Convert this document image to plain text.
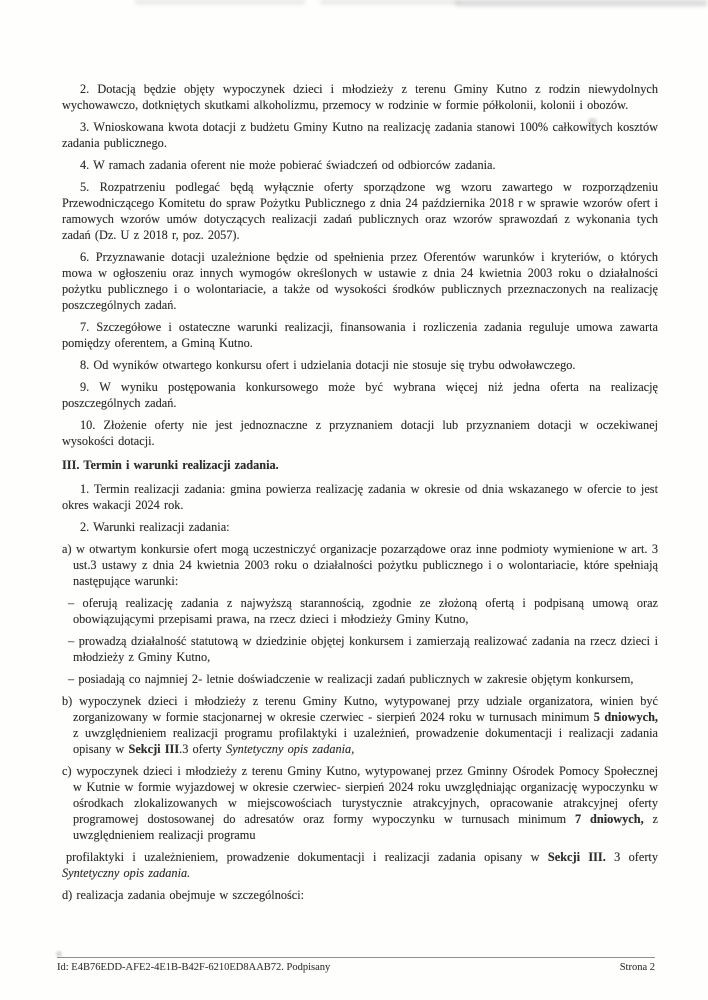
2. Dotacją będzie objęty wypoczynek dzieci i młodzieży z terenu Gminy Kutno z rodzin niewydolnych wychowawczo, dotkniętych skutkami alkoholizmu, przemocy w rodzinie w formie półkolonii, kolonii i obozów.

3. Wnioskowana kwota dotacji z budżetu Gminy Kutno na realizację zadania stanowi 100% całkowitych kosztów zadania publicznego.

4. W ramach zadania oferent nie może pobierać świadczeń od odbiorców zadania.

5. Rozpatrzeniu podlegać będą wyłącznie oferty sporządzone wg wzoru zawartego w rozporządzeniu Przewodniczącego Komitetu do spraw Pożytku Publicznego z dnia 24 października 2018 r w sprawie wzorów ofert i ramowych wzorów umów dotyczących realizacji zadań publicznych oraz wzorów sprawozdań z wykonania tych zadań (Dz. U z 2018 r, poz. 2057).

6. Przyznawanie dotacji uzależnione będzie od spełnienia przez Oferentów warunków i kryteriów, o których mowa w ogłoszeniu oraz innych wymogów określonych w ustawie z dnia 24 kwietnia 2003 roku o działalności pożytku publicznego i o wolontariacie, a także od wysokości środków publicznych przeznaczonych na realizację poszczególnych zadań.

7. Szczegółowe i ostateczne warunki realizacji, finansowania i rozliczenia zadania reguluje umowa zawarta pomiędzy oferentem, a Gminą Kutno.

8. Od wyników otwartego konkursu ofert i udzielania dotacji nie stosuje się trybu odwoławczego.

9. W wyniku postępowania konkursowego może być wybrana więcej niż jedna oferta na realizację poszczególnych zadań.

10. Złożenie oferty nie jest jednoznaczne z przyznaniem dotacji lub przyznaniem dotacji w oczekiwanej wysokości dotacji.

III. Termin i warunki realizacji zadania.

1. Termin realizacji zadania: gmina powierza realizację zadania w okresie od dnia wskazanego w ofercie to jest okres wakacji 2024 rok.

2. Warunki realizacji zadania:

a) w otwartym konkursie ofert mogą uczestniczyć organizacje pozarządowe oraz inne podmioty wymienione w art. 3 ust.3 ustawy z dnia 24 kwietnia 2003 roku o działalności pożytku publicznego i o wolontariacie, które spełniają następujące warunki:

– oferują realizację zadania z najwyższą starannością, zgodnie ze złożoną ofertą i podpisaną umową oraz obowiązującymi przepisami prawa, na rzecz dzieci i młodzieży Gminy Kutno,

– prowadzą działalność statutową w dziedzinie objętej konkursem i zamierzają realizować zadania na rzecz dzieci i młodzieży z Gminy Kutno,

– posiadają co najmniej 2- letnie doświadczenie w realizacji zadań publicznych w zakresie objętym konkursem,

b) wypoczynek dzieci i młodzieży z terenu Gminy Kutno, wytypowanej przy udziale organizatora, winien być zorganizowany w formie stacjonarnej w okresie czerwiec - sierpień 2024 roku w turnusach minimum 5 dniowych, z uwzględnieniem realizacji programu profilaktyki i uzależnień, prowadzenie dokumentacji i realizacji zadania opisany w Sekcji III.3 oferty Syntetyczny opis zadania,

c) wypoczynek dzieci i młodzieży z terenu Gminy Kutno, wytypowanej przez Gminny Ośrodek Pomocy Społecznej w Kutnie w formie wyjazdowej w okresie czerwiec- sierpień 2024 roku uwzględniając organizację wypoczynku w ośrodkach zlokalizowanych w miejscowościach turystycznie atrakcyjnych, opracowanie atrakcyjnej oferty programowej dostosowanej do adresatów oraz formy wypoczynku w turnusach minimum 7 dniowych, z uwzględnieniem realizacji programu

profilaktyki i uzależnieniem, prowadzenie dokumentacji i realizacji zadania opisany w Sekcji III. 3 oferty Syntetyczny opis zadania.

d) realizacja zadania obejmuje w szczególności:

Id: E4B76EDD-AFE2-4E1B-B42F-6210ED8AAB72. Podpisany	Strona 2
